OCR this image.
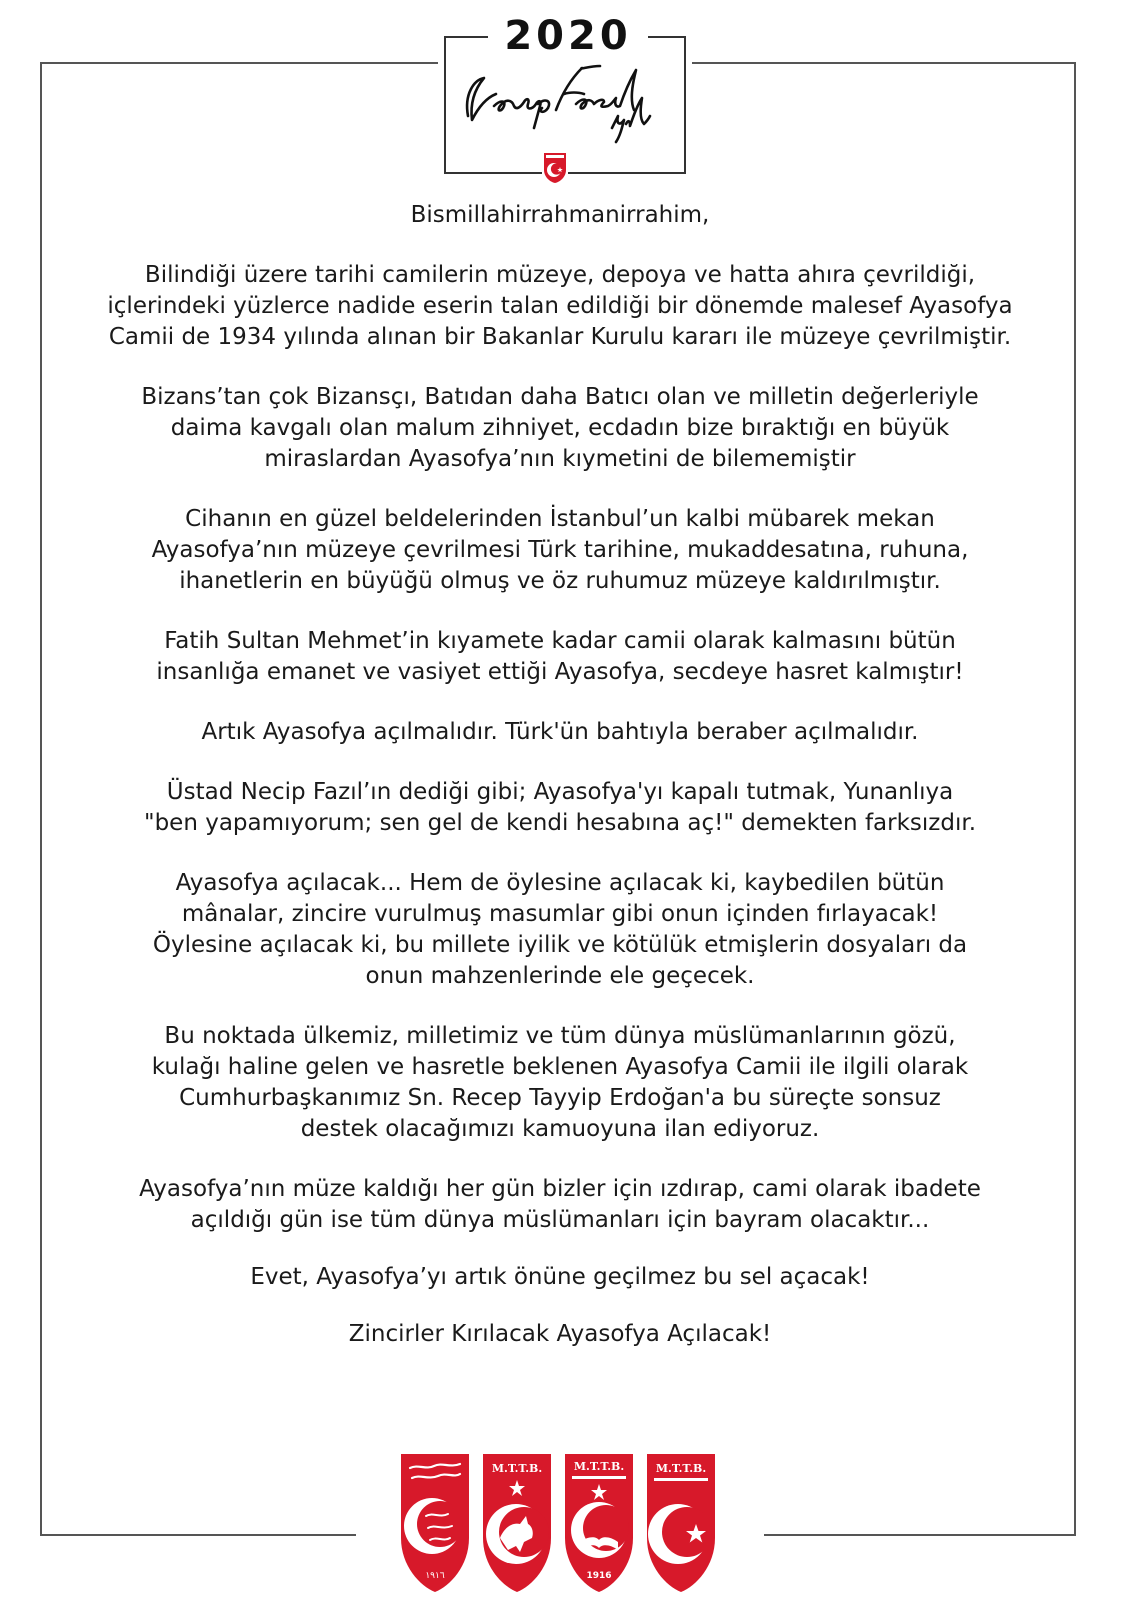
2020

Bismillahirrahmanirrahim,

Bilindiği üzere tarihi camilerin müzeye, depoya ve hatta ahıra çevrildiği,
içlerindeki yüzlerce nadide eserin talan edildiği bir dönemde malesef Ayasofya
Camii de 1934 yılında alınan bir Bakanlar Kurulu kararı ile müzeye çevrilmiştir.

Bizans’tan çok Bizansçı, Batıdan daha Batıcı olan ve milletin değerleriyle
daima kavgalı olan malum zihniyet, ecdadın bize bıraktığı en büyük
miraslardan Ayasofya’nın kıymetini de bilememiştir

Cihanın en güzel beldelerinden İstanbul’un kalbi mübarek mekan
Ayasofya’nın müzeye çevrilmesi Türk tarihine, mukaddesatına, ruhuna,
ihanetlerin en büyüğü olmuş ve öz ruhumuz müzeye kaldırılmıştır.

Fatih Sultan Mehmet’in kıyamete kadar camii olarak kalmasını bütün
insanlığa emanet ve vasiyet ettiği Ayasofya, secdeye hasret kalmıştır!

Artık Ayasofya açılmalıdır. Türk'ün bahtıyla beraber açılmalıdır.

Üstad Necip Fazıl’ın dediği gibi; Ayasofya'yı kapalı tutmak, Yunanlıya
"ben yapamıyorum; sen gel de kendi hesabına aç!" demekten farksızdır.

Ayasofya açılacak... Hem de öylesine açılacak ki, kaybedilen bütün
mânalar, zincire vurulmuş masumlar gibi onun içinden fırlayacak!
Öylesine açılacak ki, bu millete iyilik ve kötülük etmişlerin dosyaları da
onun mahzenlerinde ele geçecek.

Bu noktada ülkemiz, milletimiz ve tüm dünya müslümanlarının gözü,
kulağı haline gelen ve hasretle beklenen Ayasofya Camii ile ilgili olarak
Cumhurbaşkanımız Sn. Recep Tayyip Erdoğan'a bu süreçte sonsuz
destek olacağımızı kamuoyuna ilan ediyoruz.

Ayasofya’nın müze kaldığı her gün bizler için ızdırap, cami olarak ibadete
açıldığı gün ise tüm dünya müslümanları için bayram olacaktır...

Evet, Ayasofya’yı artık önüne geçilmez bu sel açacak!

Zincirler Kırılacak Ayasofya Açılacak!

١٩١٦
M.T.T.B.	M.T.T.B.
1916
M.T.T.B.
